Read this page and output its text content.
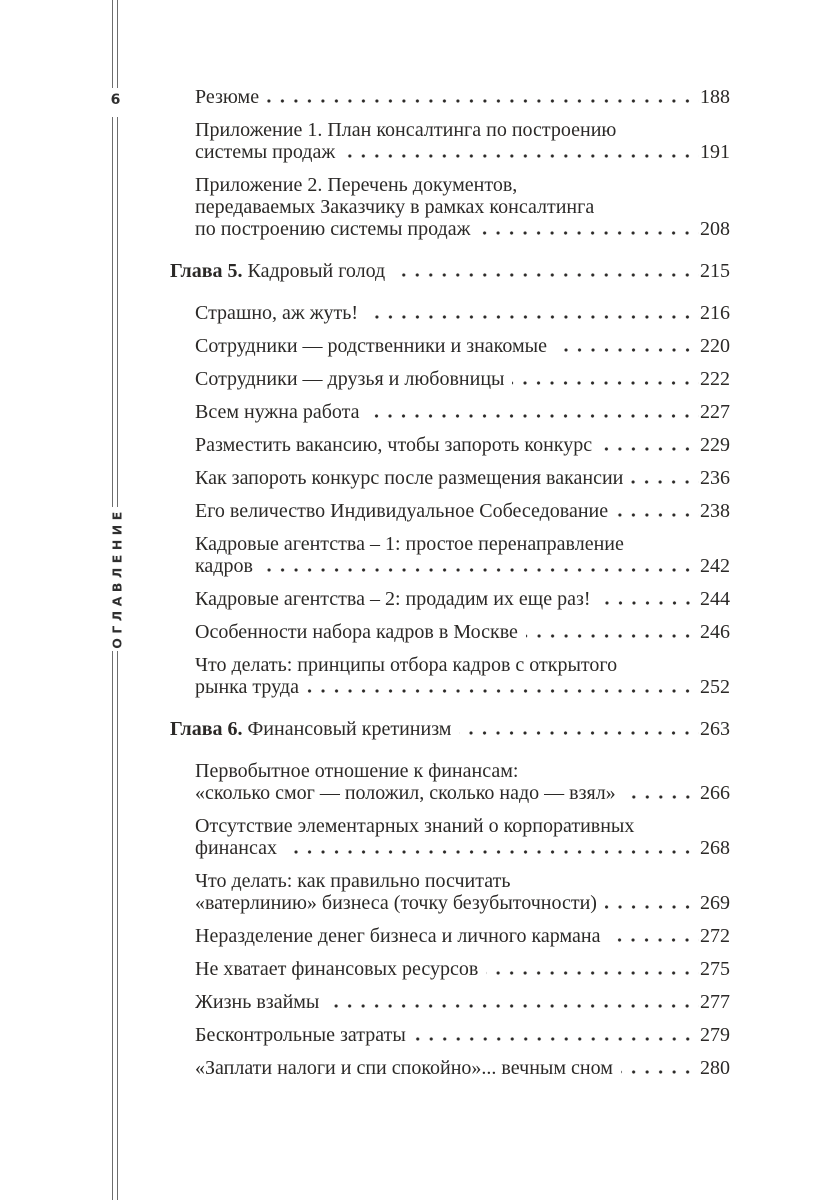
6
ОГЛАВЛЕНИЕ
Резюме	188
Приложение 1. План консалтинга по построению
системы продаж	191
Приложение 2. Перечень документов,
передаваемых Заказчику в рамках консалтинга
по построению системы продаж	208
Глава 5. Кадровый голод	215
Страшно, аж жуть!	216
Сотрудники — родственники и знакомые	220
Сотрудники — друзья и любовницы	222
Всем нужна работа	227
Разместить вакансию, чтобы запороть конкурс	229
Как запороть конкурс после размещения вакансии	236
Его величество Индивидуальное Собеседование	238
Кадровые агентства – 1: простое перенаправление
кадров	242
Кадровые агентства – 2: продадим их еще раз!	244
Особенности набора кадров в Москве	246
Что делать: принципы отбора кадров с открытого
рынка труда	252
Глава 6. Финансовый кретинизм	263
Первобытное отношение к финансам:
«сколько смог — положил, сколько надо — взял»	266
Отсутствие элементарных знаний о корпоративных
финансах	268
Что делать: как правильно посчитать
«ватерлинию» бизнеса (точку безубыточности)	269
Неразделение денег бизнеса и личного кармана	272
Не хватает финансовых ресурсов	275
Жизнь взаймы	277
Бесконтрольные затраты	279
«Заплати налоги и спи спокойно»... вечным сном	280
